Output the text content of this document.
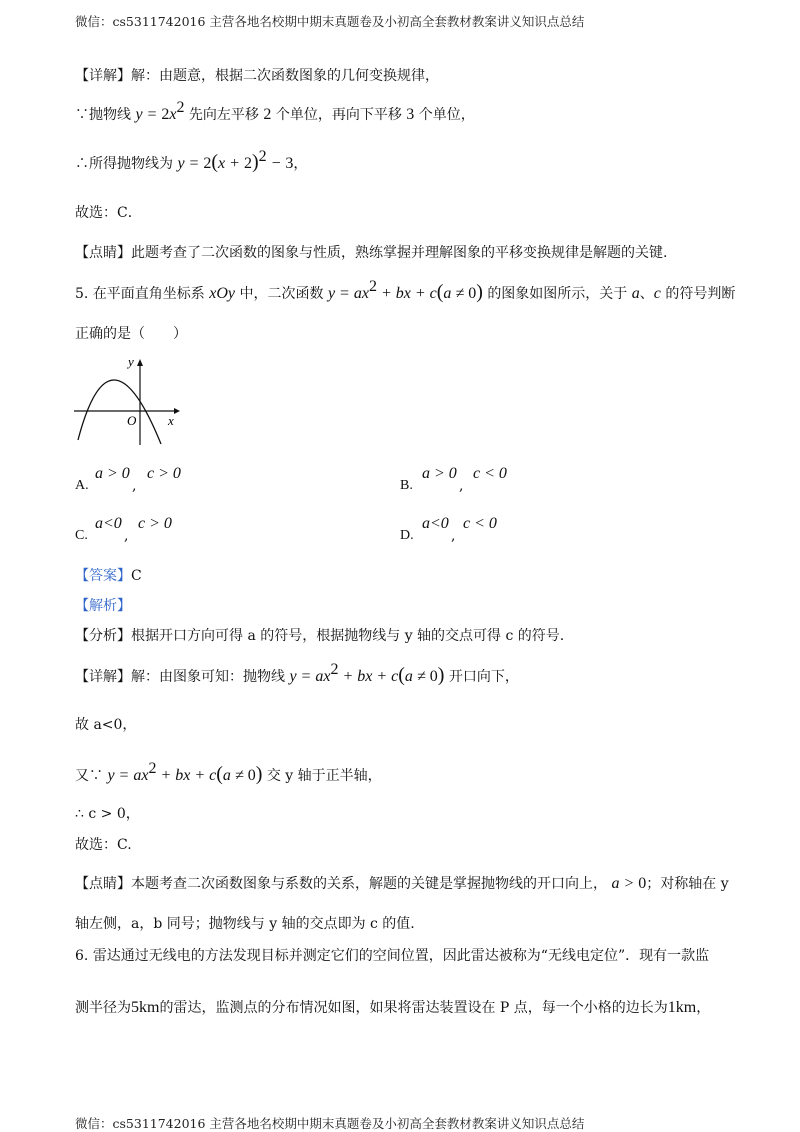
微信：cs5311742016 主营各地名校期中期末真题卷及小初高全套教材教案讲义知识点总结
【详解】解：由题意，根据二次函数图象的几何变换规律，
∵抛物线 $y = 2x^2$ 先向左平移 2 个单位，再向下平移 3 个单位，
∴所得抛物线为 $y = 2(x + 2)^2 - 3$，
故选：C．
【点睛】此题考查了二次函数的图象与性质，熟练掌握并理解图象的平移变换规律是解题的关键.
5. 在平面直角坐标系 xOy 中，二次函数 $y = ax^2$ + bx + c(a ≠ 0) 的图象如图所示，关于 a、c 的符号判断
正确的是（　　）
y
x
O
A.
a > 0
,
c > 0
B.
a > 0
,
c < 0
C.
a<0
,
c > 0
D.
a<0
,
c < 0
【答案】C
【解析】
【分析】根据开口方向可得 a 的符号，根据抛物线与 y 轴的交点可得 c 的符号.
【详解】解：由图象可知：抛物线 $y = ax^2$ + bx + c(a ≠ 0) 开口向下，
故 a<0，
又∵ $y = ax^2$ + bx + c(a ≠ 0) 交 y 轴于正半轴，
∴ c > 0，
故选：C.
【点睛】本题考查二次函数图象与系数的关系，解题的关键是掌握抛物线的开口向上， a > 0；对称轴在 y
轴左侧，a，b 同号；抛物线与 y 轴的交点即为 c 的值.
6. 雷达通过无线电的方法发现目标并测定它们的空间位置，因此雷达被称为“无线电定位”．现有一款监
测半径为5km的雷达，监测点的分布情况如图，如果将雷达装置设在 P 点，每一个小格的边长为1km，
微信：cs5311742016 主营各地名校期中期末真题卷及小初高全套教材教案讲义知识点总结
